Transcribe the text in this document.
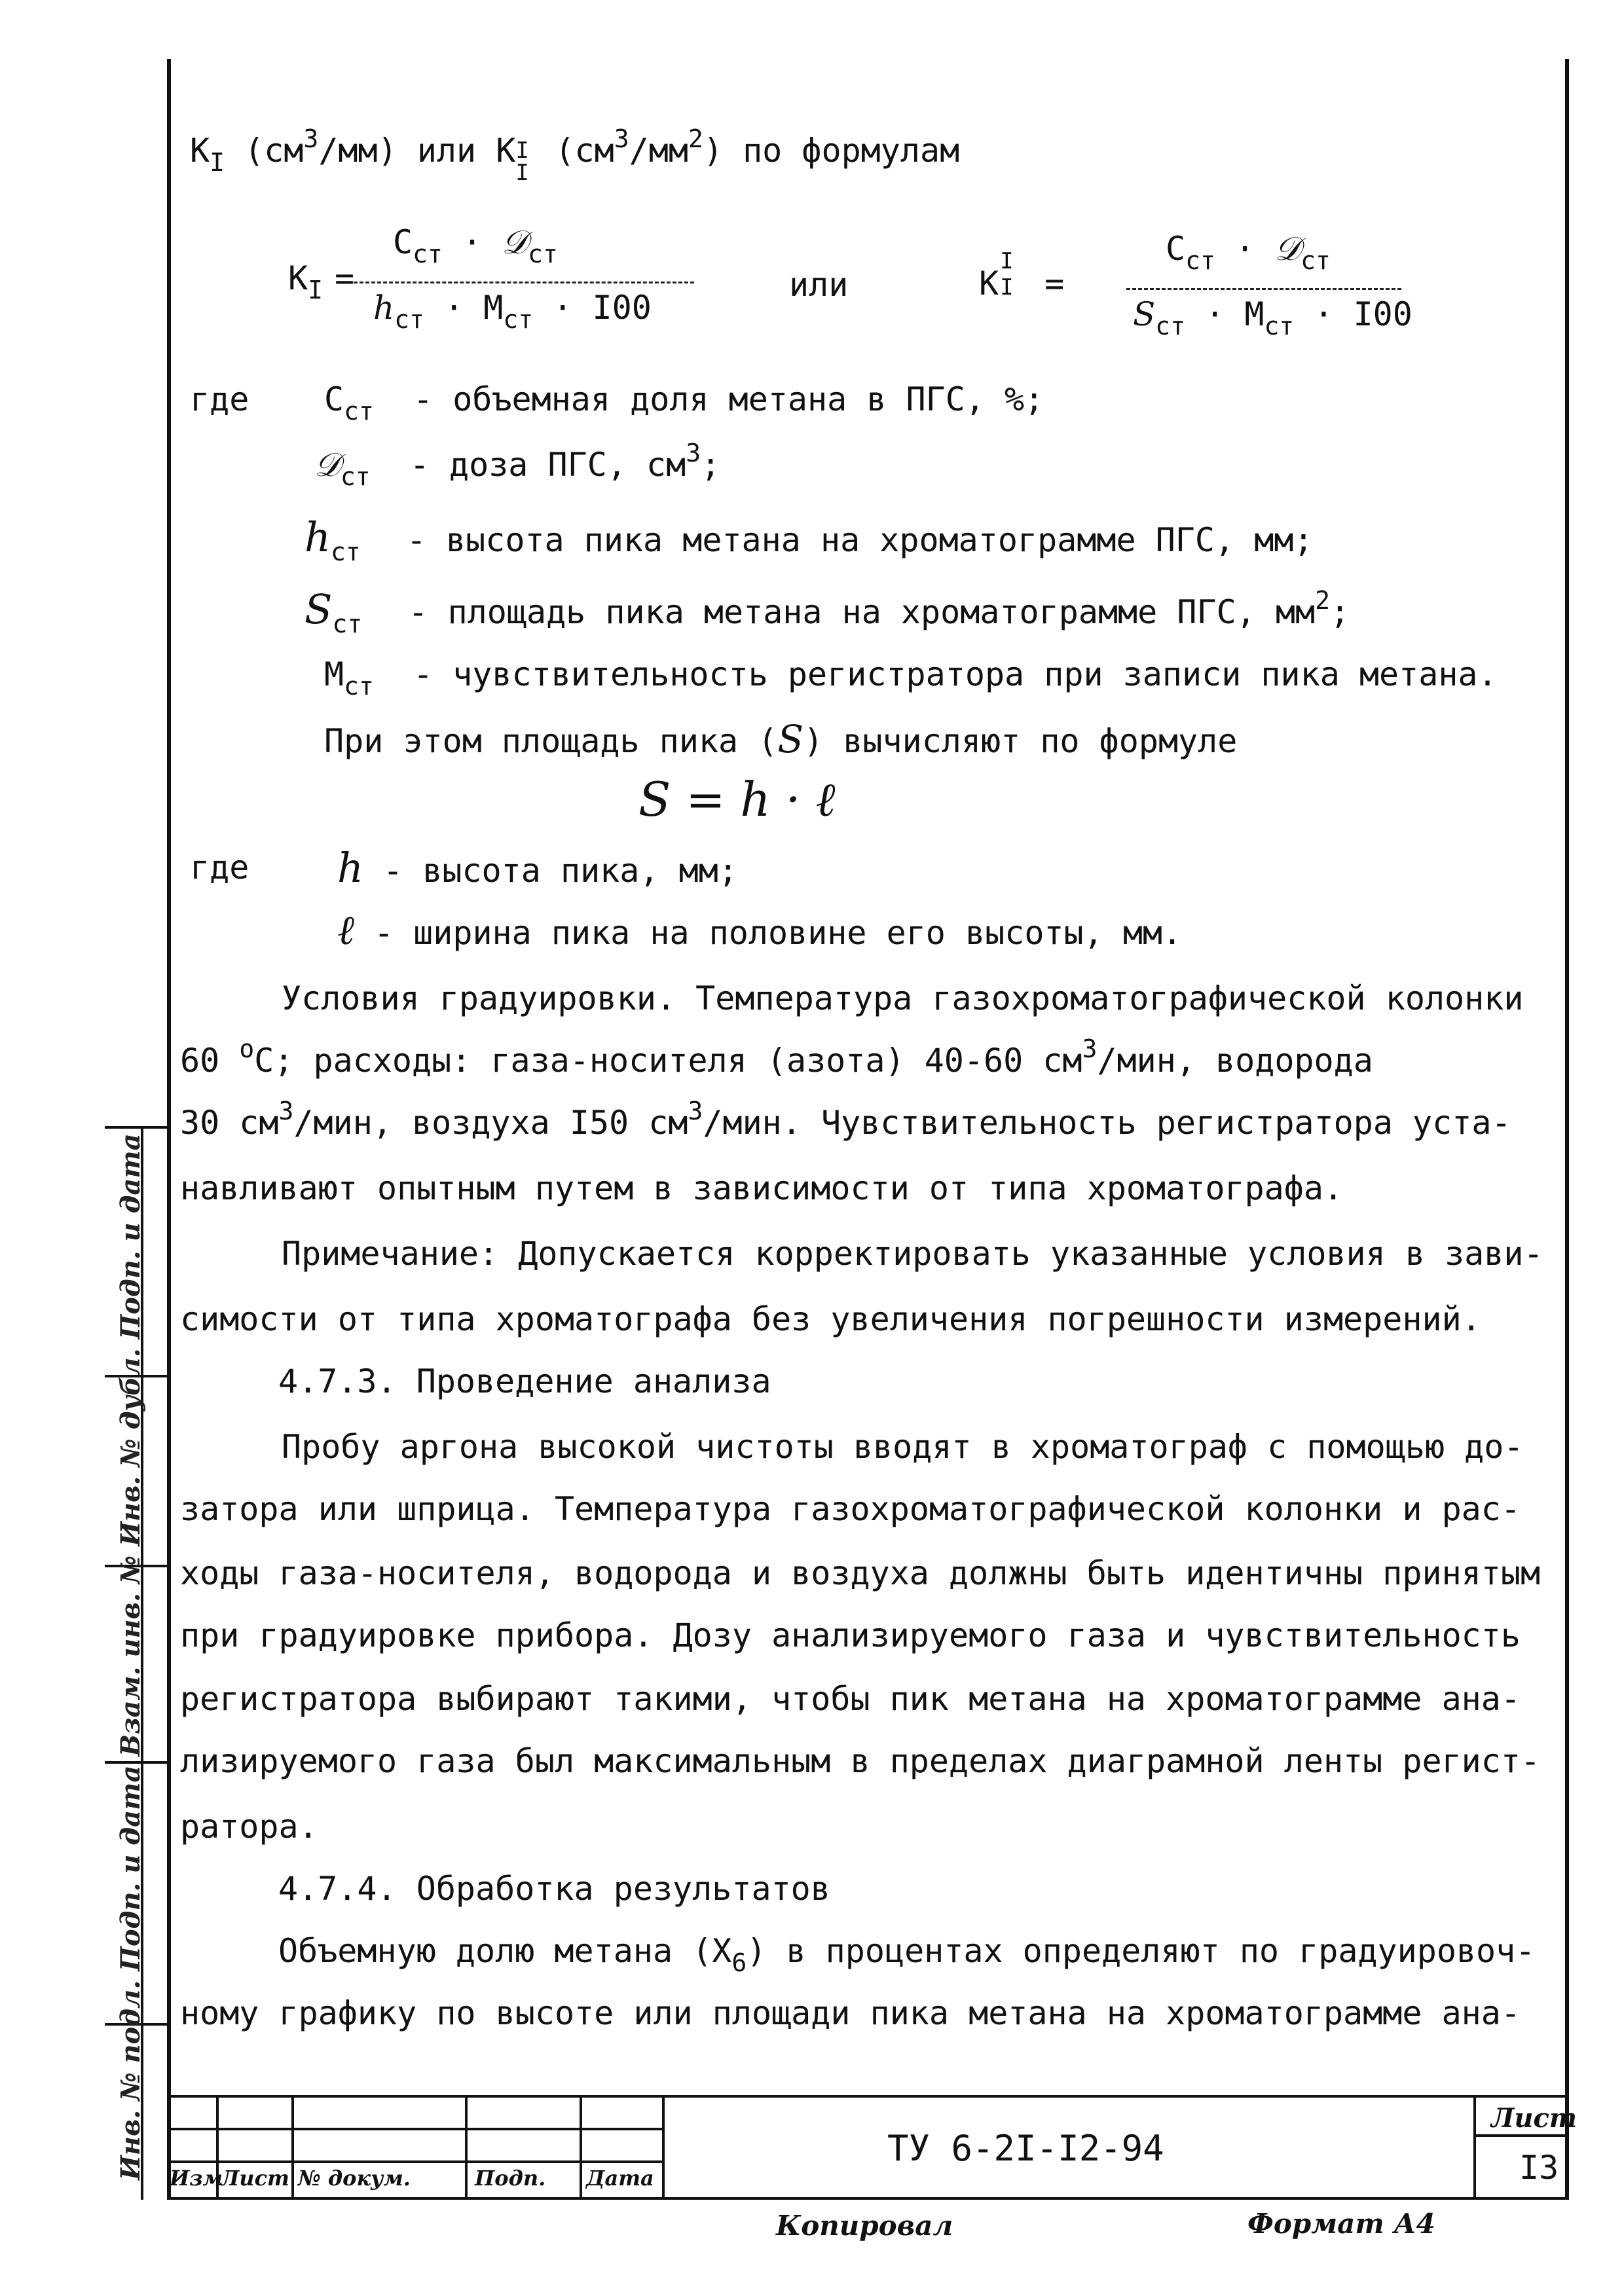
$К_I$ $(см^3/мм)$ или К I
I
$(см^3/мм^2)$ по формулам
$К_I$ =
$С_{ст}$ · 𝒟$_{ст}$
$h_{ст} \cdot М_{ст} \cdot I00$
или	К
I
I =
$С_{ст}$ · 𝒟$_{ст}$
$S_{ст} \cdot М_{ст} \cdot I00$
где $С_{ст}$ - объемная доля метана в ПГС, %;
𝒟$_{ст}$ - доза ПГС, $см^3$;
$h_{ст}$ - высота пика метана на хроматограмме ПГС, мм;
$S_{ст}$ - площадь пика метана на хроматограмме ПГС, $мм^2$;
$М_{ст}$ - чувствительность регистратора при записи пика метана.
При этом площадь пика (S) вычисляют по формуле
S = h · ℓ
где h - высота пика, мм;
ℓ - ширина пика на половине его высоты, мм.
Условия градуировки. Температура газохроматографической колонки
60 $^о$С; расходы: газа-носителя (азота) 40-60 $см^3$/мин, водорода
30 $см^3$/мин, воздуха I50 $см^3$/мин. Чувствительность регистратора уста-
навливают опытным путем в зависимости от типа хроматографа.
Примечание: Допускается корректировать указанные условия в зави-
симости от типа хроматографа без увеличения погрешности измерений.
4.7.3. Проведение анализа
Пробу аргона высокой чистоты вводят в хроматограф с помощью до-
затора или шприца. Температура газохроматографической колонки и рас-
ходы газа-носителя, водорода и воздуха должны быть идентичны принятым
при градуировке прибора. Дозу анализируемого газа и чувствительность
регистратора выбирают такими, чтобы пик метана на хроматограмме ана-
лизируемого газа был максимальным в пределах диаграмной ленты регист-
ратора.
4.7.4. Обработка результатов
Объемную долю метана $(Х_6)$ в процентах определяют по градуировоч-
ному графику по высоте или площади пика метана на хроматограмме ана-
Инв. № подл. Подп. и дата Взам. инв. № Инв. № дубл. Подп. и дата Изм
Лист № докум.	Подп. Дата
ТУ 6-2I-I2-94
Лист
I3
Копировал	Формат А4
